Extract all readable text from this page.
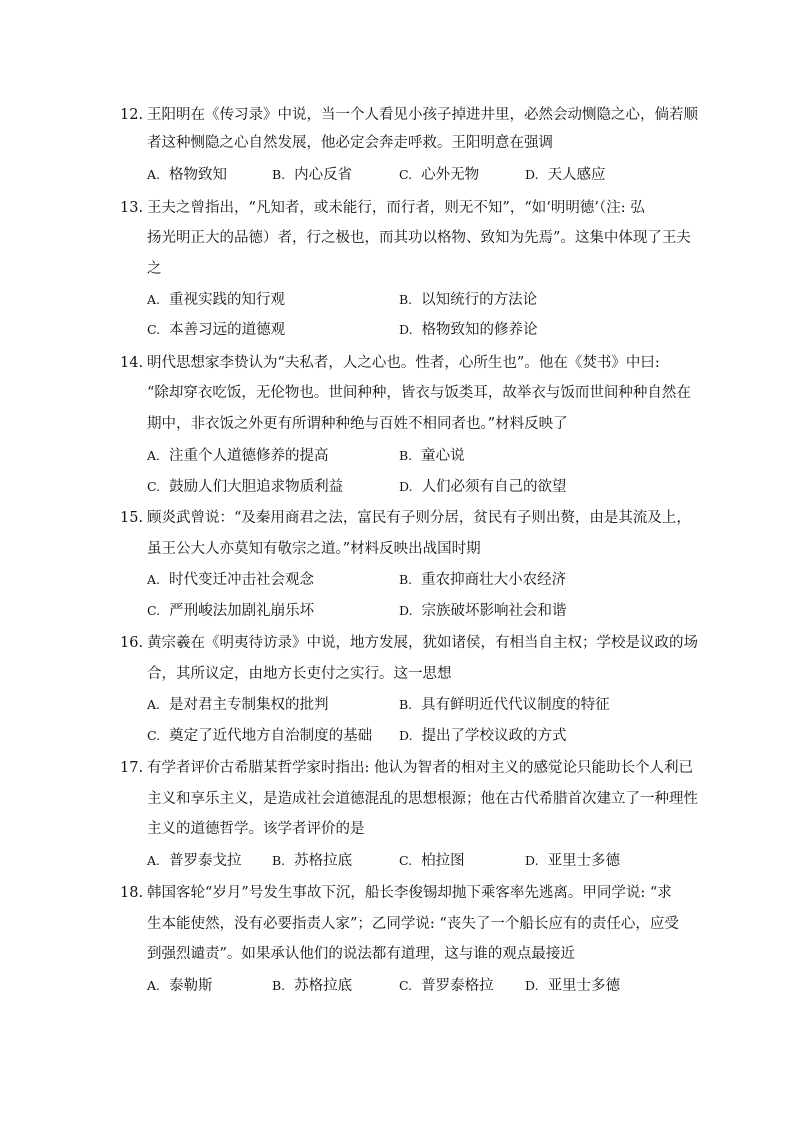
12. 王阳明在《传习录》中说，当一个人看见小孩子掉进井里，必然会动恻隐之心，倘若顺
者这种恻隐之心自然发展，他必定会奔走呼救。王阳明意在强调
A. 格物致知	B. 内心反省	C. 心外无物	D. 天人感应
13. 王夫之曾指出，“凡知者，或未能行，而行者，则无不知”，“如‘明明德’（注: 弘
扬光明正大的品德）者，行之极也，而其功以格物、致知为先焉”。这集中体现了王夫
之
A. 重视实践的知行观	B. 以知统行的方法论
C. 本善习远的道德观	D. 格物致知的修养论
14. 明代思想家李贽认为“夫私者，人之心也。性者，心所生也”。他在《焚书》中曰:
“除却穿衣吃饭，无伦物也。世间种种，皆衣与饭类耳，故举衣与饭而世间种种自然在
期中，非衣饭之外更有所谓种种绝与百姓不相同者也。”材料反映了
A. 注重个人道德修养的提高	B. 童心说
C. 鼓励人们大胆追求物质利益	D. 人们必须有自己的欲望
15. 顾炎武曾说：“及秦用商君之法，富民有子则分居，贫民有子则出赘，由是其流及上，
虽王公大人亦莫知有敬宗之道。”材料反映出战国时期
A. 时代变迁冲击社会观念	B. 重农抑商壮大小农经济
C. 严刑峻法加剧礼崩乐坏	D. 宗族破坏影响社会和谐
16. 黄宗羲在《明夷待访录》中说，地方发展，犹如诸侯，有相当自主权；学校是议政的场
合，其所议定，由地方长吏付之实行。这一思想
A. 是对君主专制集权的批判	B. 具有鲜明近代代议制度的特征
C. 奠定了近代地方自治制度的基础 D. 提出了学校议政的方式
17. 有学者评价古希腊某哲学家时指出: 他认为智者的相对主义的感觉论只能助长个人利已
主义和享乐主义，是造成社会道德混乱的思想根源；他在古代希腊首次建立了一种理性
主义的道德哲学。该学者评价的是
A. 普罗泰戈拉 B. 苏格拉底	C. 柏拉图	D. 亚里士多德
18. 韩国客轮“岁月”号发生事故下沉，船长李俊锡却抛下乘客率先逃离。甲同学说: “求
生本能使然，没有必要指责人家”；乙同学说: “丧失了一个船长应有的责任心，应受
到强烈谴责”。如果承认他们的说法都有道理，这与谁的观点最接近
A. 泰勒斯	B. 苏格拉底	C. 普罗泰格拉	D. 亚里士多德
